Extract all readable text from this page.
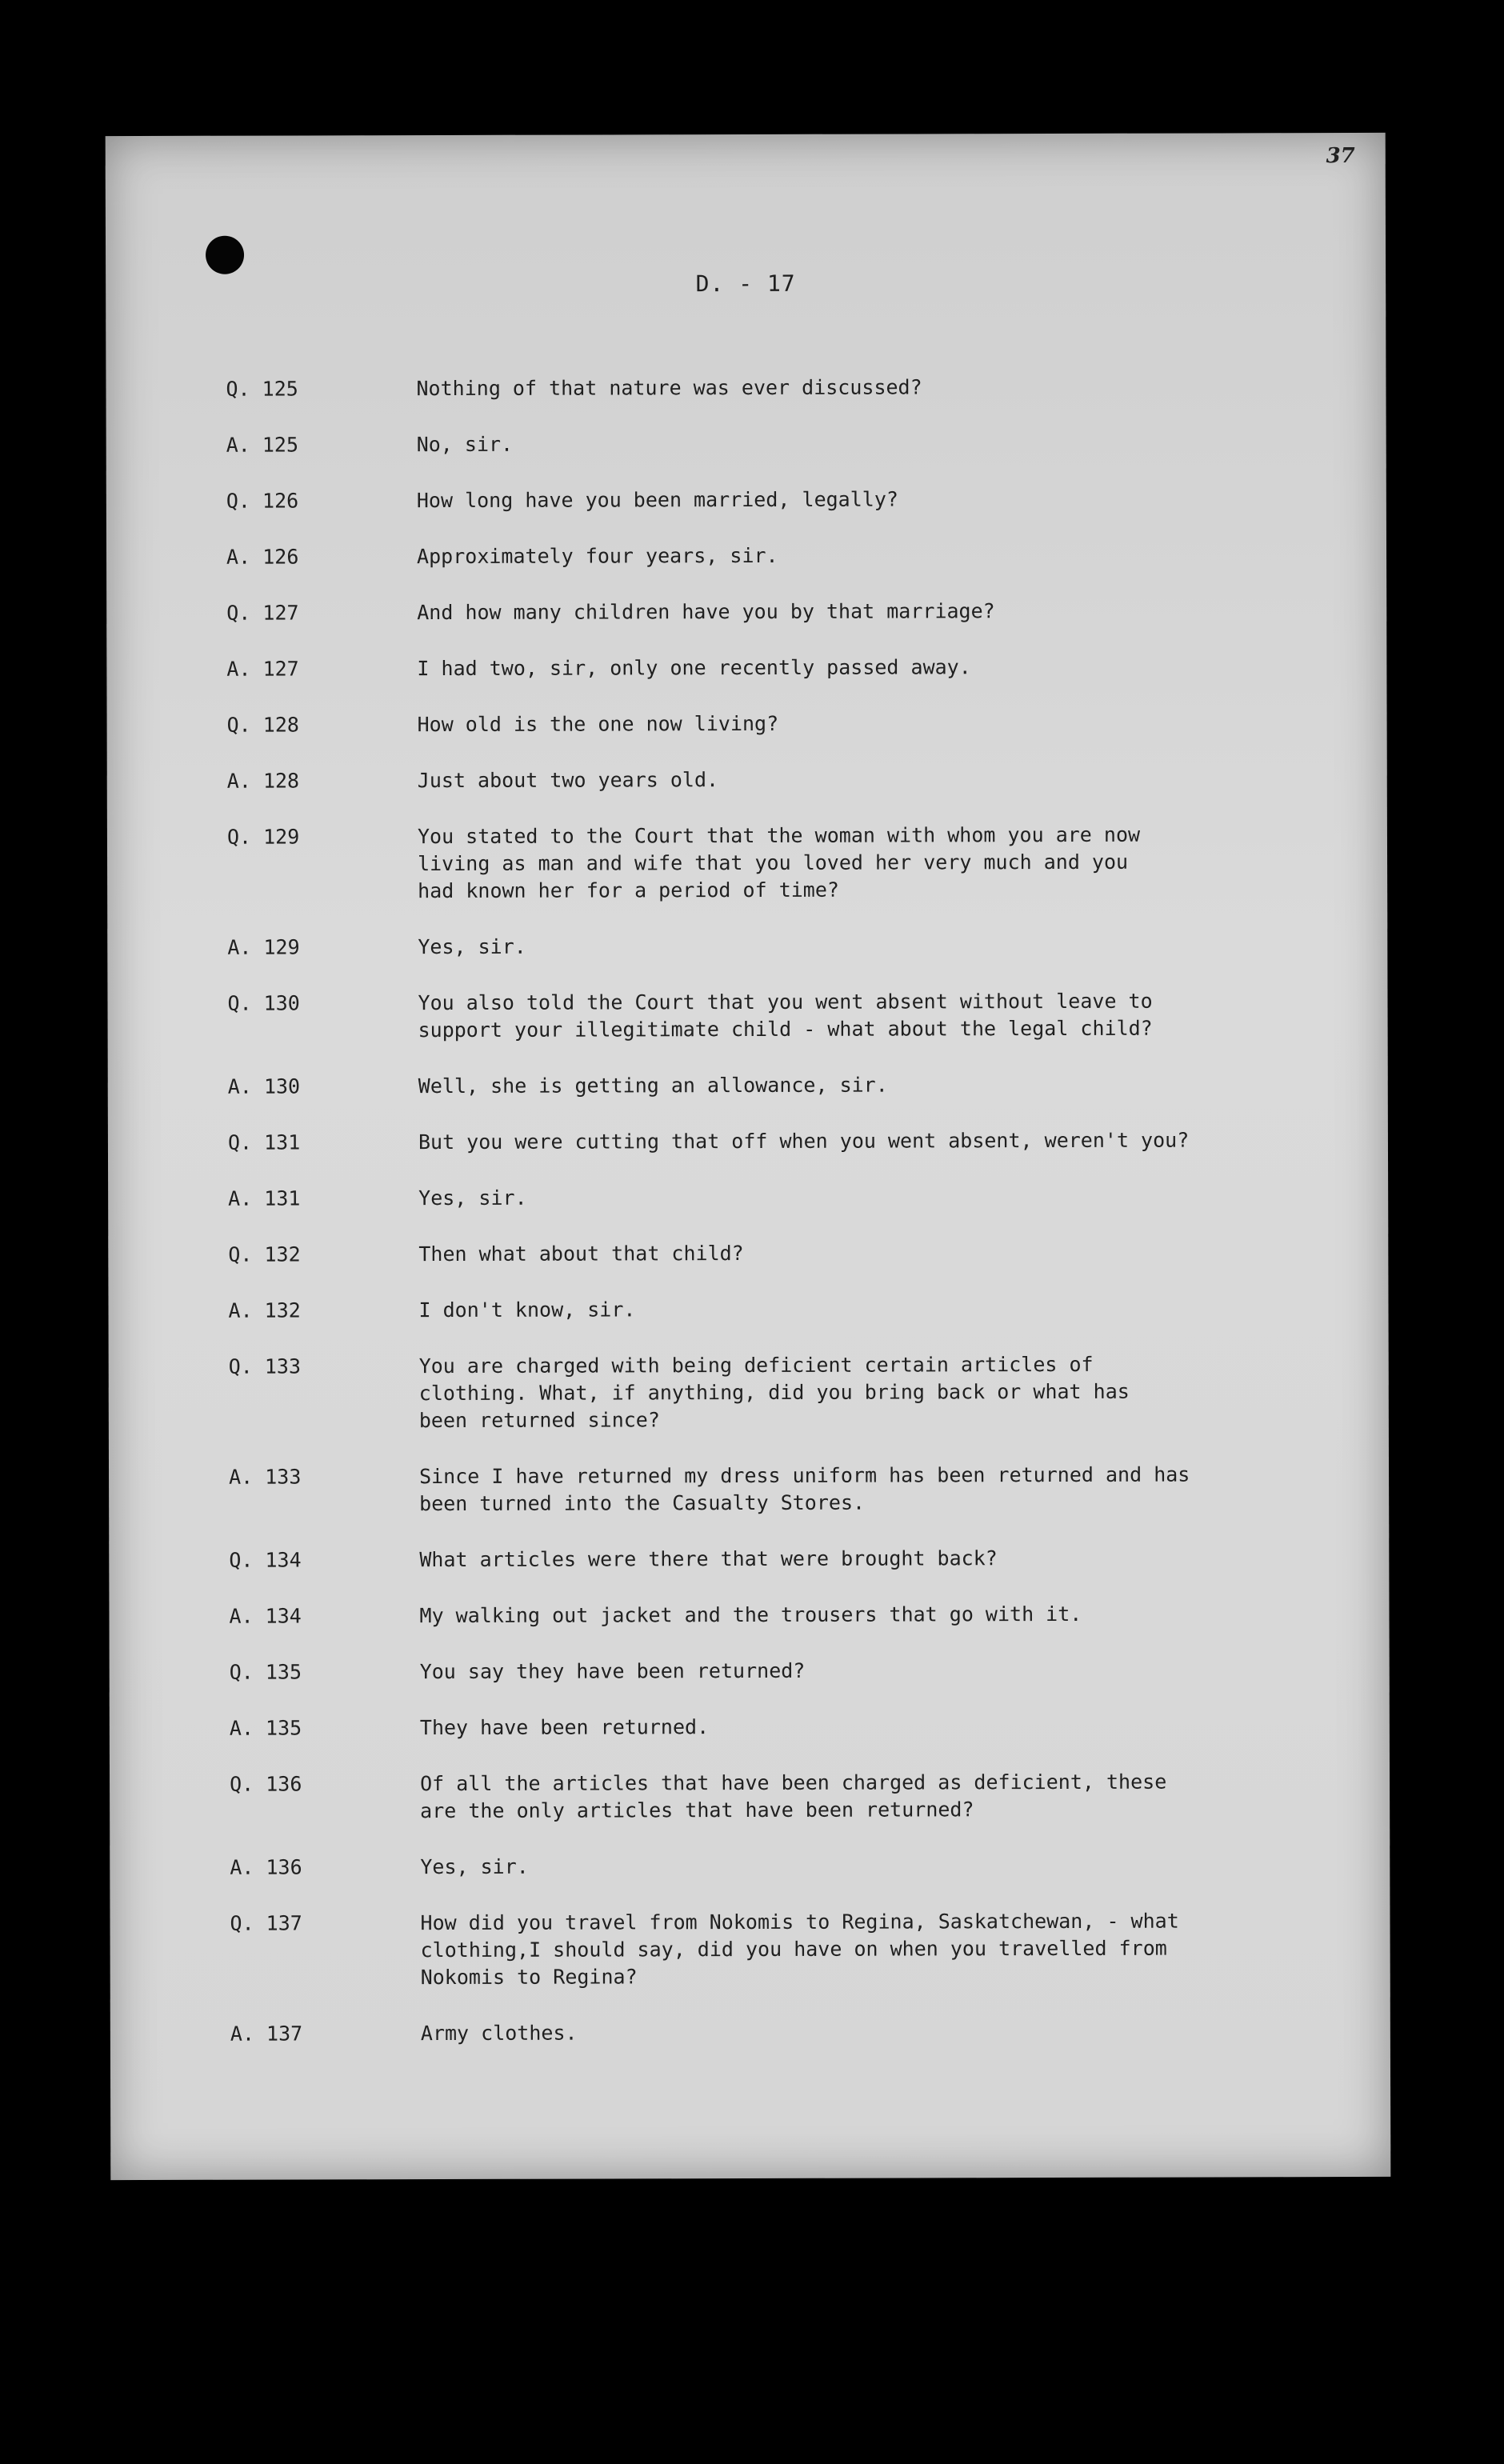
37
D. - 17
Q. 125	Nothing of that nature was ever discussed?
A. 125	No, sir.
Q. 126	How long have you been married, legally?
A. 126	Approximately four years, sir.
Q. 127	And how many children have you by that marriage?
A. 127	I had two, sir, only one recently passed away.
Q. 128	How old is the one now living?
A. 128	Just about two years old.
Q. 129	You stated to the Court that the woman with whom you are now
living as man and wife that you loved her very much and you
had known her for a period of time?
A. 129	Yes, sir.
Q. 130	You also told the Court that you went absent without leave to
support your illegitimate child - what about the legal child?
A. 130	Well, she is getting an allowance, sir.
Q. 131	But you were cutting that off when you went absent, weren't you?
A. 131	Yes, sir.
Q. 132	Then what about that child?
A. 132	I don't know, sir.
Q. 133	You are charged with being deficient certain articles of
clothing. What, if anything, did you bring back or what has
been returned since?
A. 133	Since I have returned my dress uniform has been returned and has
been turned into the Casualty Stores.
Q. 134	What articles were there that were brought back?
A. 134	My walking out jacket and the trousers that go with it.
Q. 135	You say they have been returned?
A. 135	They have been returned.
Q. 136	Of all the articles that have been charged as deficient, these
are the only articles that have been returned?
A. 136	Yes, sir.
Q. 137	How did you travel from Nokomis to Regina, Saskatchewan, - what
clothing,I should say, did you have on when you travelled from
Nokomis to Regina?
A. 137	Army clothes.
